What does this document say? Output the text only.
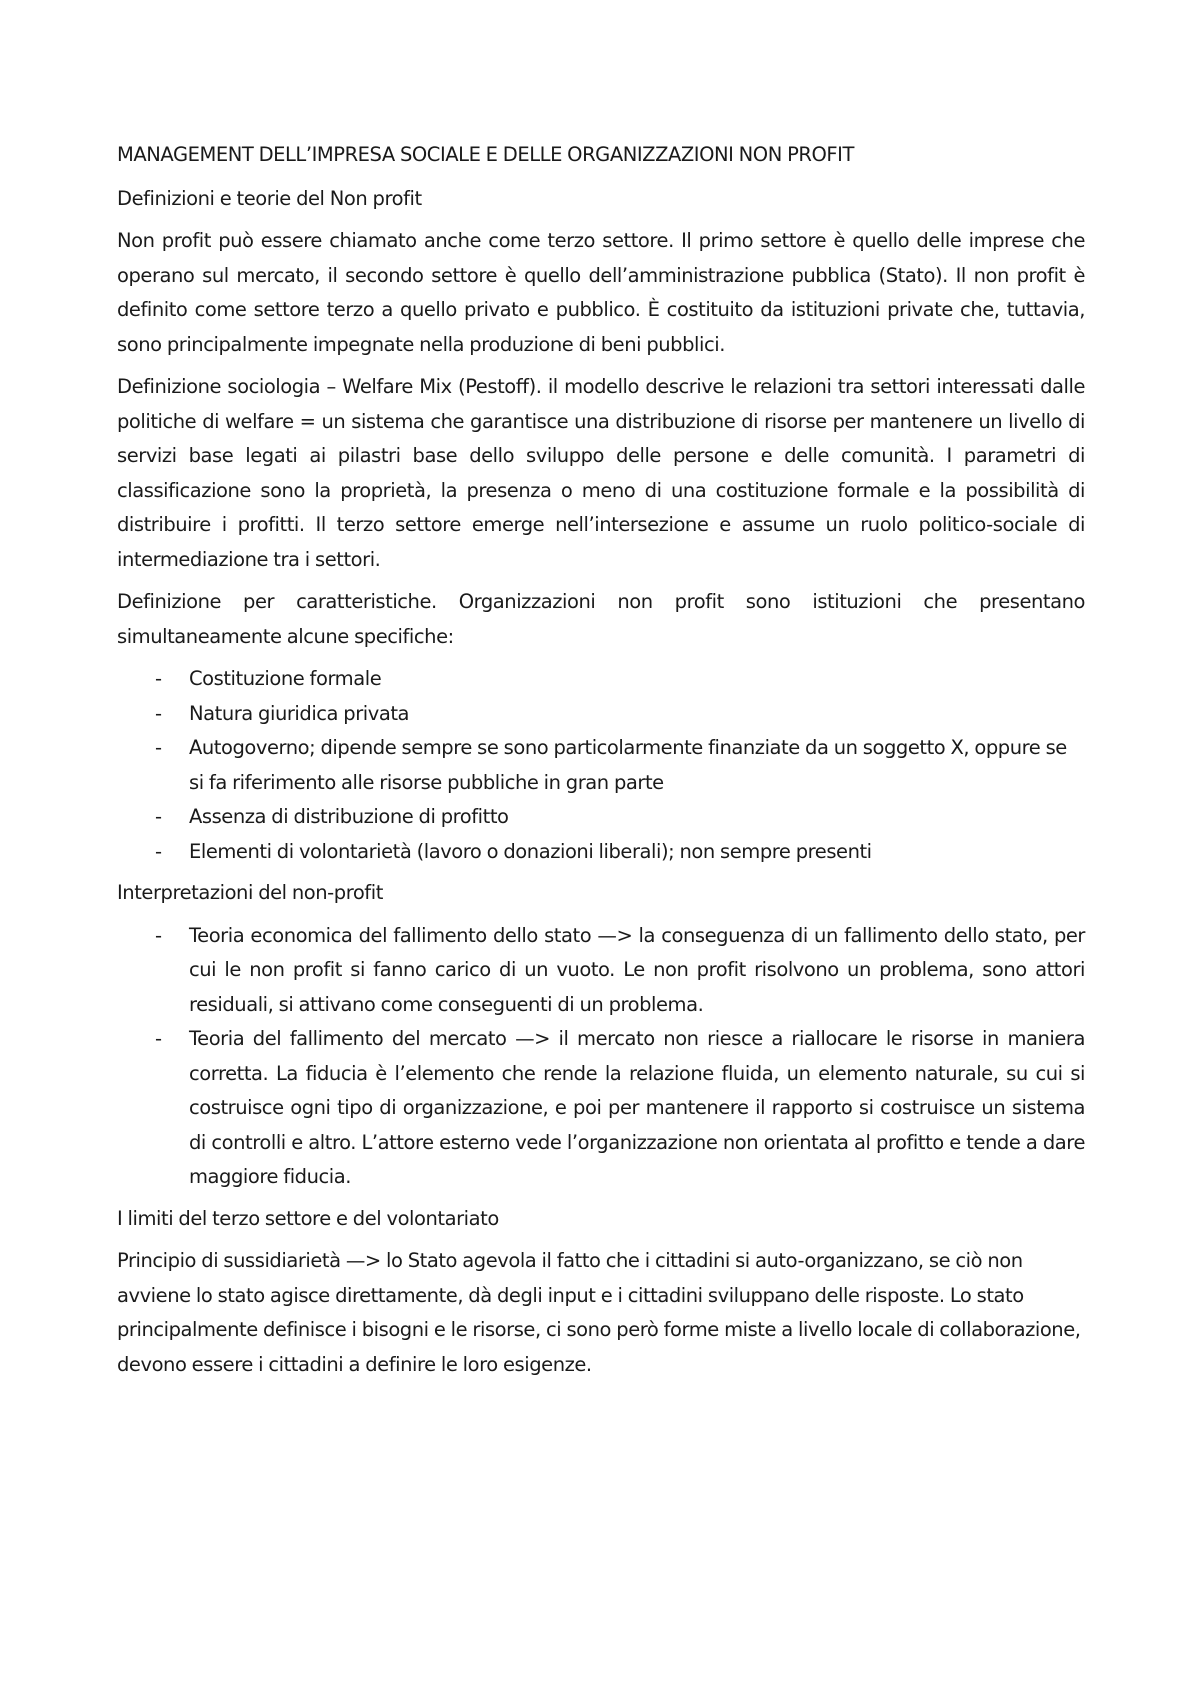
MANAGEMENT DELL’IMPRESA SOCIALE E DELLE ORGANIZZAZIONI NON PROFIT

Definizioni e teorie del Non profit

Non profit può essere chiamato anche come terzo settore. Il primo settore è quello delle imprese che operano sul mercato, il secondo settore è quello dell’amministrazione pubblica (Stato). Il non profit è definito come settore terzo a quello privato e pubblico. È costituito da istituzioni private che, tuttavia, sono principalmente impegnate nella produzione di beni pubblici.

Definizione sociologia – Welfare Mix (Pestoff). il modello descrive le relazioni tra settori interessati dalle politiche di welfare = un sistema che garantisce una distribuzione di risorse per mantenere un livello di servizi base legati ai pilastri base dello sviluppo delle persone e delle comunità. I parametri di classificazione sono la proprietà, la presenza o meno di una costituzione formale e la possibilità di distribuire i profitti. Il terzo settore emerge nell’intersezione e assume un ruolo politico-sociale di intermediazione tra i settori.

Definizione per caratteristiche. Organizzazioni non profit sono istituzioni che presentano simultaneamente alcune specifiche:

- Costituzione formale
- Natura giuridica privata
- Autogoverno; dipende sempre se sono particolarmente finanziate da un soggetto X, oppure se si fa riferimento alle risorse pubbliche in gran parte
- Assenza di distribuzione di profitto
- Elementi di volontarietà (lavoro o donazioni liberali); non sempre presenti

Interpretazioni del non-profit

- Teoria economica del fallimento dello stato —> la conseguenza di un fallimento dello stato, per cui le non profit si fanno carico di un vuoto. Le non profit risolvono un problema, sono attori residuali, si attivano come conseguenti di un problema.
- Teoria del fallimento del mercato —> il mercato non riesce a riallocare le risorse in maniera corretta. La fiducia è l’elemento che rende la relazione fluida, un elemento naturale, su cui si costruisce ogni tipo di organizzazione, e poi per mantenere il rapporto si costruisce un sistema di controlli e altro. L’attore esterno vede l’organizzazione non orientata al profitto e tende a dare maggiore fiducia.

I limiti del terzo settore e del volontariato

Principio di sussidiarietà —> lo Stato agevola il fatto che i cittadini si auto-organizzano, se ciò non avviene lo stato agisce direttamente, dà degli input e i cittadini sviluppano delle risposte. Lo stato principalmente definisce i bisogni e le risorse, ci sono però forme miste a livello locale di collaborazione, devono essere i cittadini a definire le loro esigenze.
